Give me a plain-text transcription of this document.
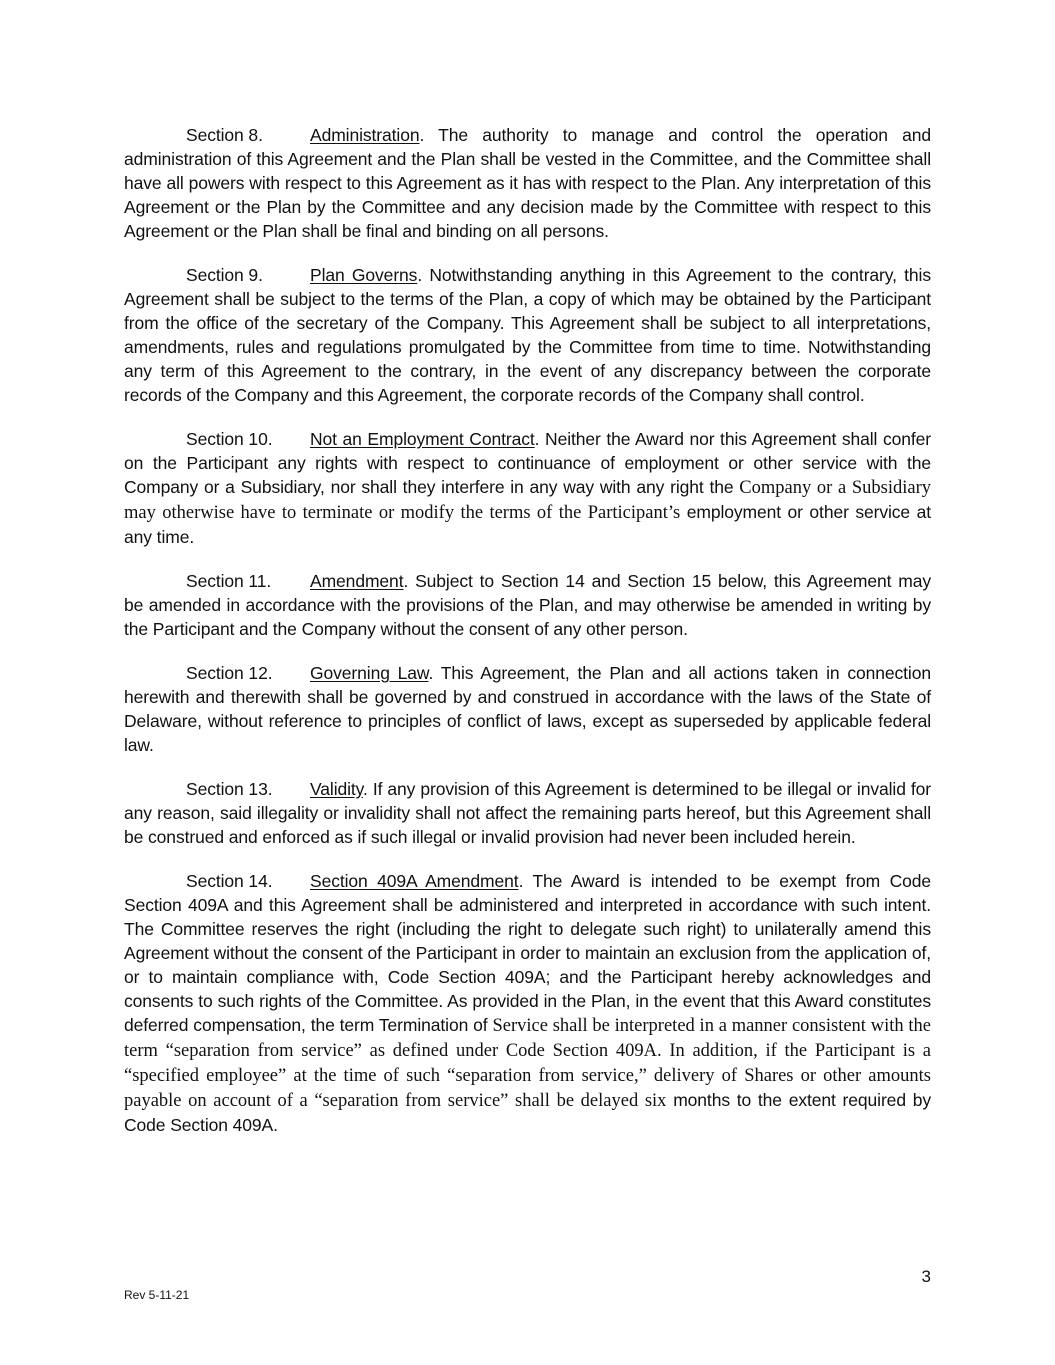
Section 8.	Administration. The authority to manage and control the operation and administration of this Agreement and the Plan shall be vested in the Committee, and the Committee shall have all powers with respect to this Agreement as it has with respect to the Plan. Any interpretation of this Agreement or the Plan by the Committee and any decision made by the Committee with respect to this Agreement or the Plan shall be final and binding on all persons.

Section 9.	Plan Governs. Notwithstanding anything in this Agreement to the contrary, this Agreement shall be subject to the terms of the Plan, a copy of which may be obtained by the Participant from the office of the secretary of the Company. This Agreement shall be subject to all interpretations, amendments, rules and regulations promulgated by the Committee from time to time. Notwithstanding any term of this Agreement to the contrary, in the event of any discrepancy between the corporate records of the Company and this Agreement, the corporate records of the Company shall control.

Section 10. Not an Employment Contract. Neither the Award nor this Agreement shall confer on the Participant any rights with respect to continuance of employment or other service with the Company or a Subsidiary, nor shall they interfere in any way with any right the Company or a Subsidiary may otherwise have to terminate or modify the terms of the Participant’s employment or other service at any time.

Section 11. Amendment. Subject to Section 14 and Section 15 below, this Agreement may be amended in accordance with the provisions of the Plan, and may otherwise be amended in writing by the Participant and the Company without the consent of any other person.

Section 12. Governing Law. This Agreement, the Plan and all actions taken in connection herewith and therewith shall be governed by and construed in accordance with the laws of the State of Delaware, without reference to principles of conflict of laws, except as superseded by applicable federal law.

Section 13. Validity. If any provision of this Agreement is determined to be illegal or invalid for any reason, said illegality or invalidity shall not affect the remaining parts hereof, but this Agreement shall be construed and enforced as if such illegal or invalid provision had never been included herein.

Section 14. Section 409A Amendment. The Award is intended to be exempt from Code Section 409A and this Agreement shall be administered and interpreted in accordance with such intent. The Committee reserves the right (including the right to delegate such right) to unilaterally amend this Agreement without the consent of the Participant in order to maintain an exclusion from the application of, or to maintain compliance with, Code Section 409A; and the Participant hereby acknowledges and consents to such rights of the Committee. As provided in the Plan, in the event that this Award constitutes deferred compensation, the term Termination of Service shall be interpreted in a manner consistent with the term “separation from service” as defined under Code Section 409A. In addition, if the Participant is a “specified employee” at the time of such “separation from service,” delivery of Shares or other amounts payable on account of a “separation from service” shall be delayed six months to the extent required by Code Section 409A.

3
Rev 5-11-21
